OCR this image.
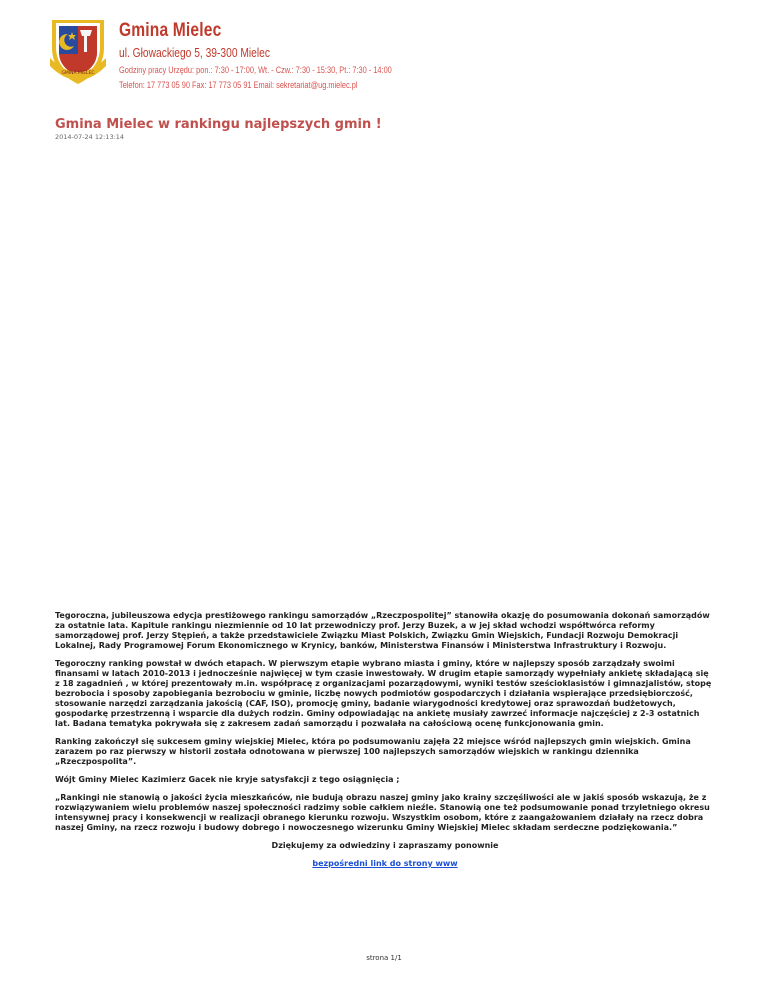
GMINA MIELEC
Gmina Mielec
ul. Głowackiego 5, 39-300 Mielec
Godziny pracy Urzędu: pon.: 7:30 - 17:00, Wt. - Czw.: 7:30 - 15:30, Pt.: 7:30 - 14:00
Telefon: 17 773 05 90 Fax: 17 773 05 91 Email: sekretariat@ug.mielec.pl
Gmina Mielec w rankingu najlepszych gmin !
2014-07-24 12:13:14

Tegoroczna, jubileuszowa edycja prestiżowego rankingu samorządów „Rzeczpospolitej” stanowiła okazję do posumowania dokonań samorządów za ostatnie lata. Kapitule rankingu niezmiennie od 10 lat przewodniczy prof. Jerzy Buzek, a w jej skład wchodzi współtwórca reformy samorządowej prof. Jerzy Stępień, a także przedstawiciele Związku Miast Polskich, Związku Gmin Wiejskich, Fundacji Rozwoju Demokracji Lokalnej, Rady Programowej Forum Ekonomicznego w Krynicy, banków, Ministerstwa Finansów i Ministerstwa Infrastruktury i Rozwoju.

Tegoroczny ranking powstał w dwóch etapach. W pierwszym etapie wybrano miasta i gminy, które w najlepszy sposób zarządzały swoimi finansami w latach 2010-2013 i jednocześnie najwięcej w tym czasie inwestowały. W drugim etapie samorządy wypełniały ankietę składającą się z 18 zagadnień , w której prezentowały m.in. współpracę z organizacjami pozarządowymi, wyniki testów sześcioklasistów i gimnazjalistów, stopę bezrobocia i sposoby zapobiegania bezrobociu w gminie, liczbę nowych podmiotów gospodarczych i działania wspierające przedsiębiorczość, stosowanie narzędzi zarządzania jakością (CAF, ISO), promocję gminy, badanie wiarygodności kredytowej oraz sprawozdań budżetowych, gospodarkę przestrzenną i wsparcie dla dużych rodzin. Gminy odpowiadając na ankietę musiały zawrzeć informacje najczęściej z 2-3 ostatnich lat. Badana tematyka pokrywała się z zakresem zadań samorządu i pozwalała na całościową ocenę funkcjonowania gmin.

Ranking zakończył się sukcesem gminy wiejskiej Mielec, która po podsumowaniu zajęła 22 miejsce wśród najlepszych gmin wiejskich. Gmina zarazem po raz pierwszy w historii została odnotowana w pierwszej 100 najlepszych samorządów wiejskich w rankingu dziennika „Rzeczpospolita”.

Wójt Gminy Mielec Kazimierz Gacek nie kryje satysfakcji z tego osiągnięcia ;

„Rankingi nie stanowią o jakości życia mieszkańców, nie budują obrazu naszej gminy jako krainy szczęśliwości ale w jakiś sposób wskazują, że z rozwiązywaniem wielu problemów naszej społeczności radzimy sobie całkiem nieźle. Stanowią one też podsumowanie ponad trzyletniego okresu intensywnej pracy i konsekwencji w realizacji obranego kierunku rozwoju. Wszystkim osobom, które z zaangażowaniem działały na rzecz dobra naszej Gminy, na rzecz rozwoju i budowy dobrego i nowoczesnego wizerunku Gminy Wiejskiej Mielec składam serdeczne podziękowania.”

Dziękujemy za odwiedziny i zapraszamy ponownie

bezpośredni link do strony www

strona 1/1
